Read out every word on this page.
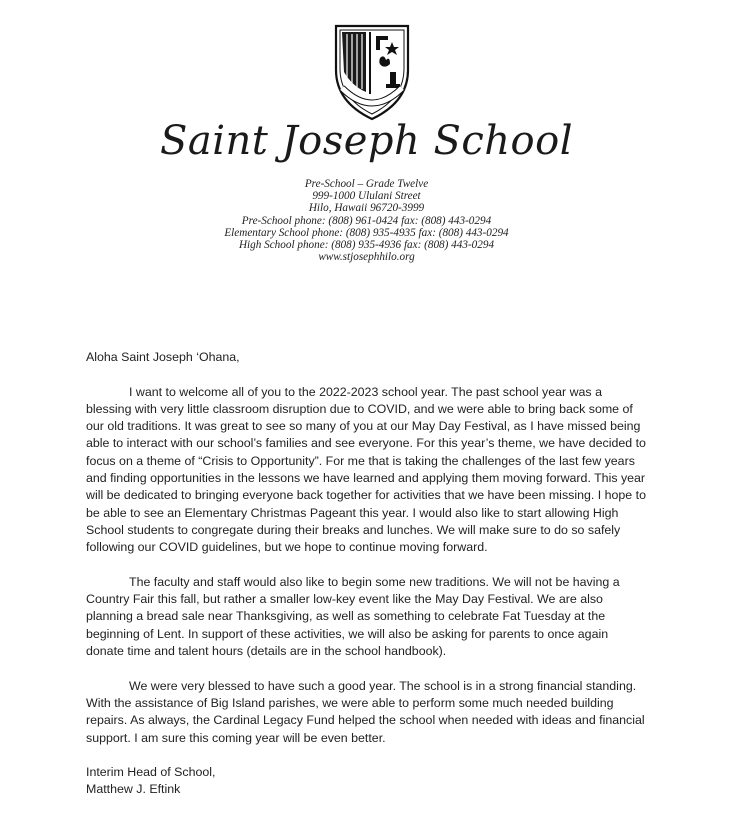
Saint Joseph School
Pre-School – Grade Twelve
999-1000 Ululani Street
Hilo, Hawaii 96720-3999
Pre-School phone: (808) 961-0424 fax: (808) 443-0294
Elementary School phone: (808) 935-4935 fax: (808) 443-0294
High School phone: (808) 935-4936 fax: (808) 443-0294
www.stjosephhilo.org

Aloha Saint Joseph ‘Ohana,

I want to welcome all of you to the 2022-2023 school year. The past school year was a blessing with very little classroom disruption due to COVID, and we were able to bring back some of our old traditions. It was great to see so many of you at our May Day Festival, as I have missed being able to interact with our school’s families and see everyone. For this year’s theme, we have decided to focus on a theme of “Crisis to Opportunity”. For me that is taking the challenges of the last few years and finding opportunities in the lessons we have learned and applying them moving forward. This year will be dedicated to bringing everyone back together for activities that we have been missing. I hope to be able to see an Elementary Christmas Pageant this year. I would also like to start allowing High School students to congregate during their breaks and lunches. We will make sure to do so safely following our COVID guidelines, but we hope to continue moving forward.

The faculty and staff would also like to begin some new traditions. We will not be having a Country Fair this fall, but rather a smaller low-key event like the May Day Festival. We are also planning a bread sale near Thanksgiving, as well as something to celebrate Fat Tuesday at the beginning of Lent. In support of these activities, we will also be asking for parents to once again donate time and talent hours (details are in the school handbook).

We were very blessed to have such a good year. The school is in a strong financial standing. With the assistance of Big Island parishes, we were able to perform some much needed building repairs. As always, the Cardinal Legacy Fund helped the school when needed with ideas and financial support. I am sure this coming year will be even better.

Interim Head of School,

Matthew J. Eftink
